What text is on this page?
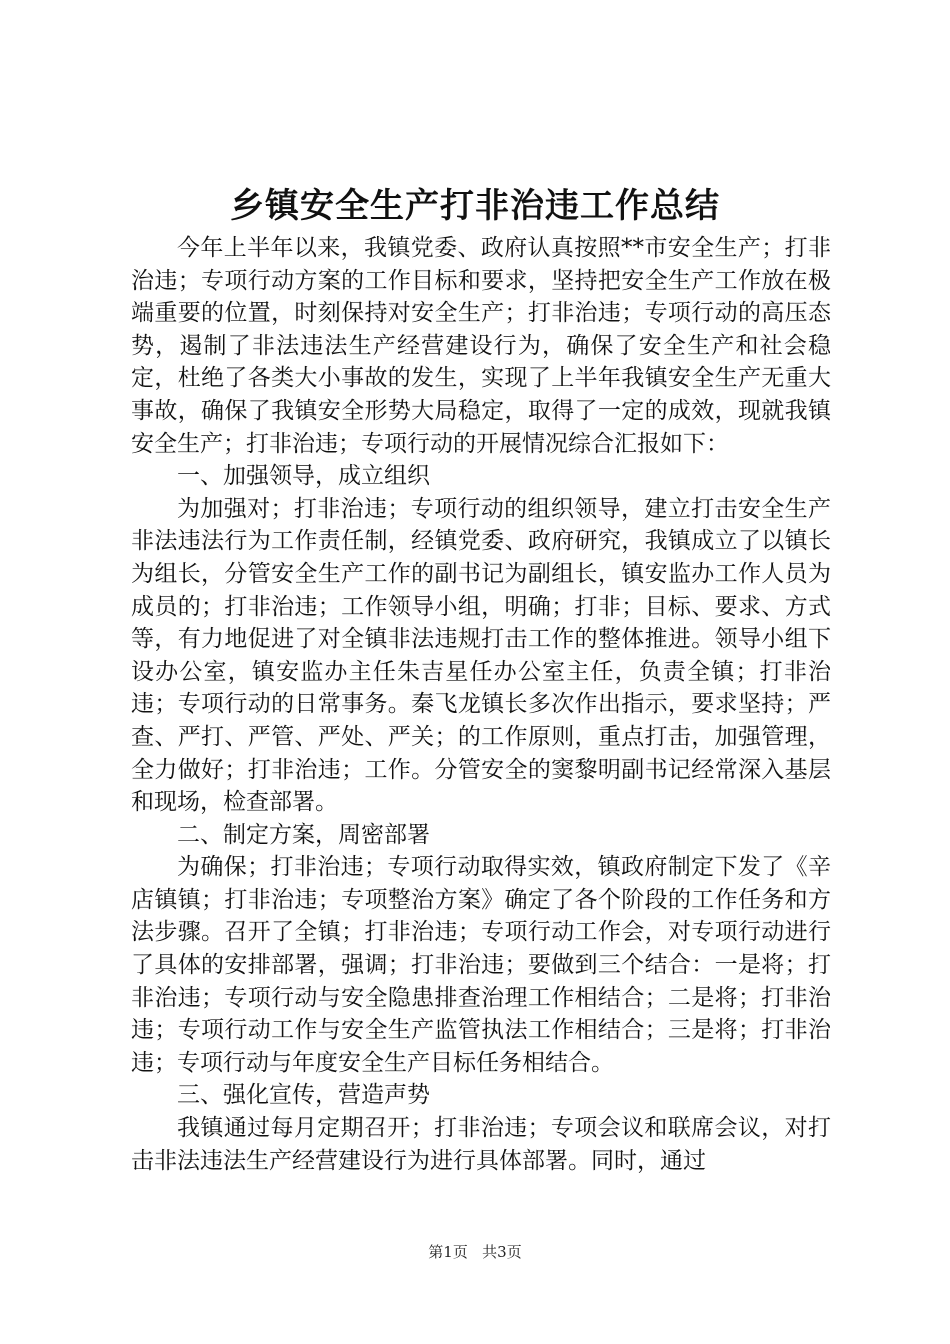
乡镇安全生产打非治违工作总结

今年上半年以来，我镇党委、政府认真按照**市安全生产；打非治违；专项行动方案的工作目标和要求，坚持把安全生产工作放在极端重要的位置，时刻保持对安全生产；打非治违；专项行动的高压态势，遏制了非法违法生产经营建设行为，确保了安全生产和社会稳定，杜绝了各类大小事故的发生，实现了上半年我镇安全生产无重大事故，确保了我镇安全形势大局稳定，取得了一定的成效，现就我镇安全生产；打非治违；专项行动的开展情况综合汇报如下：

一、加强领导，成立组织

为加强对；打非治违；专项行动的组织领导，建立打击安全生产非法违法行为工作责任制，经镇党委、政府研究，我镇成立了以镇长为组长，分管安全生产工作的副书记为副组长，镇安监办工作人员为成员的；打非治违；工作领导小组，明确；打非；目标、要求、方式等，有力地促进了对全镇非法违规打击工作的整体推进。领导小组下设办公室，镇安监办主任朱吉星任办公室主任，负责全镇；打非治违；专项行动的日常事务。秦飞龙镇长多次作出指示，要求坚持；严查、严打、严管、严处、严关；的工作原则，重点打击，加强管理，全力做好；打非治违；工作。分管安全的窦黎明副书记经常深入基层和现场，检查部署。

二、制定方案，周密部署

为确保；打非治违；专项行动取得实效，镇政府制定下发了《辛店镇镇；打非治违；专项整治方案》确定了各个阶段的工作任务和方法步骤。召开了全镇；打非治违；专项行动工作会，对专项行动进行了具体的安排部署，强调；打非治违；要做到三个结合：一是将；打非治违；专项行动与安全隐患排查治理工作相结合；二是将；打非治违；专项行动工作与安全生产监管执法工作相结合；三是将；打非治违；专项行动与年度安全生产目标任务相结合。

三、强化宣传，营造声势

我镇通过每月定期召开；打非治违；专项会议和联席会议，对打击非法违法生产经营建设行为进行具体部署。同时，通过

第1页 共3页
